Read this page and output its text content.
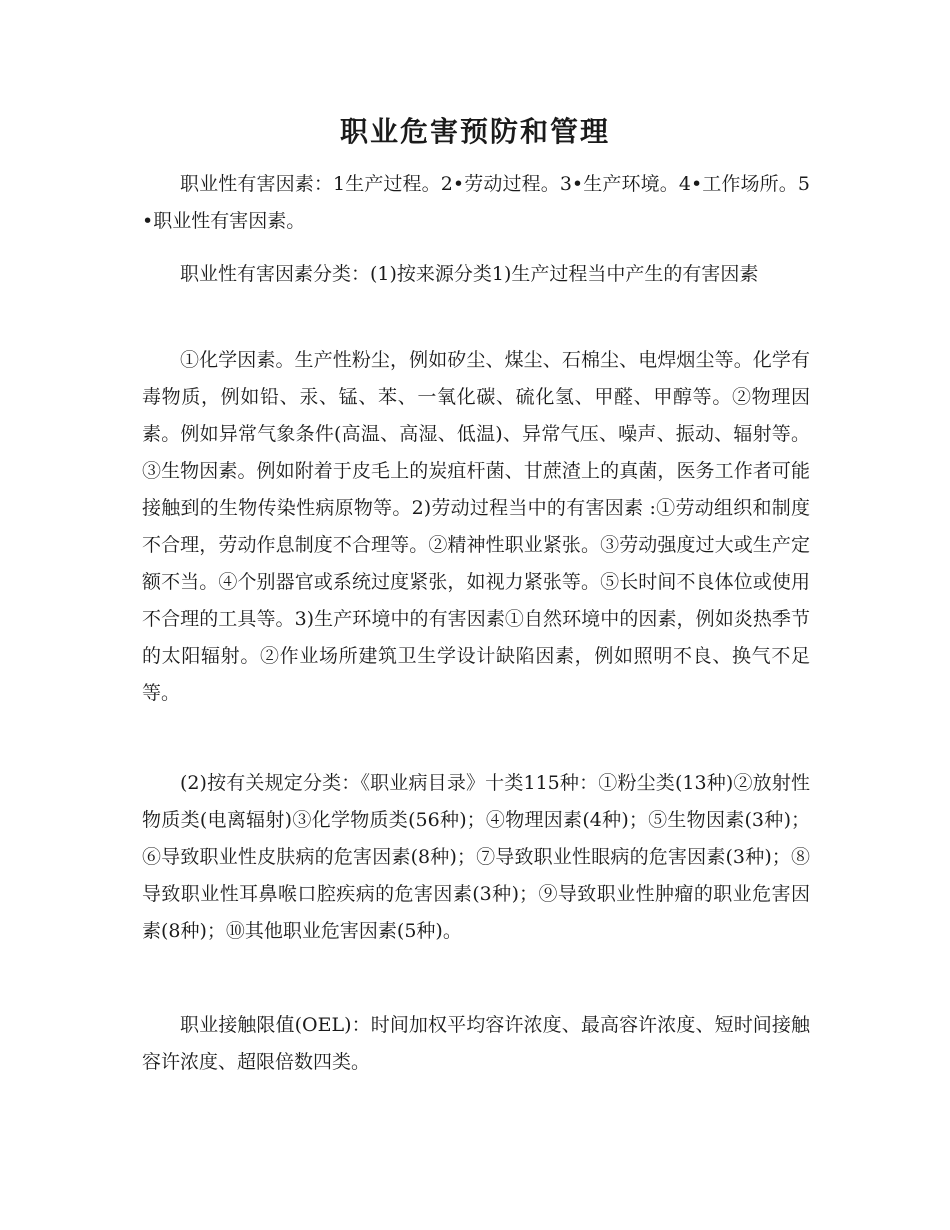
职业危害预防和管理

职业性有害因素：1生产过程。2•劳动过程。3•生产环境。4•工作场所。5•职业性有害因素。

职业性有害因素分类：(1)按来源分类1)生产过程当中产生的有害因素

①化学因素。生产性粉尘，例如矽尘、煤尘、石棉尘、电焊烟尘等。化学有毒物质，例如铅、汞、锰、苯、一氧化碳、硫化氢、甲醛、甲醇等。②物理因素。例如异常气象条件(高温、高湿、低温)、异常气压、噪声、振动、辐射等。③生物因素。例如附着于皮毛上的炭疽杆菌、甘蔗渣上的真菌，医务工作者可能接触到的生物传染性病原物等。2)劳动过程当中的有害因素 :①劳动组织和制度不合理，劳动作息制度不合理等。②精神性职业紧张。③劳动强度过大或生产定额不当。④个别器官或系统过度紧张，如视力紧张等。⑤长时间不良体位或使用不合理的工具等。3)生产环境中的有害因素①自然环境中的因素，例如炎热季节的太阳辐射。②作业场所建筑卫生学设计缺陷因素，例如照明不良、换气不足等。

(2)按有关规定分类：《职业病目录》十类115种：①粉尘类(13种)②放射性物质类(电离辐射)③化学物质类(56种)；④物理因素(4种)；⑤生物因素(3种)；⑥导致职业性皮肤病的危害因素(8种)；⑦导致职业性眼病的危害因素(3种)；⑧导致职业性耳鼻喉口腔疾病的危害因素(3种)；⑨导致职业性肿瘤的职业危害因素(8种)；⑩其他职业危害因素(5种)。

职业接触限值(OEL)：时间加权平均容许浓度、最高容许浓度、短时间接触容许浓度、超限倍数四类。
